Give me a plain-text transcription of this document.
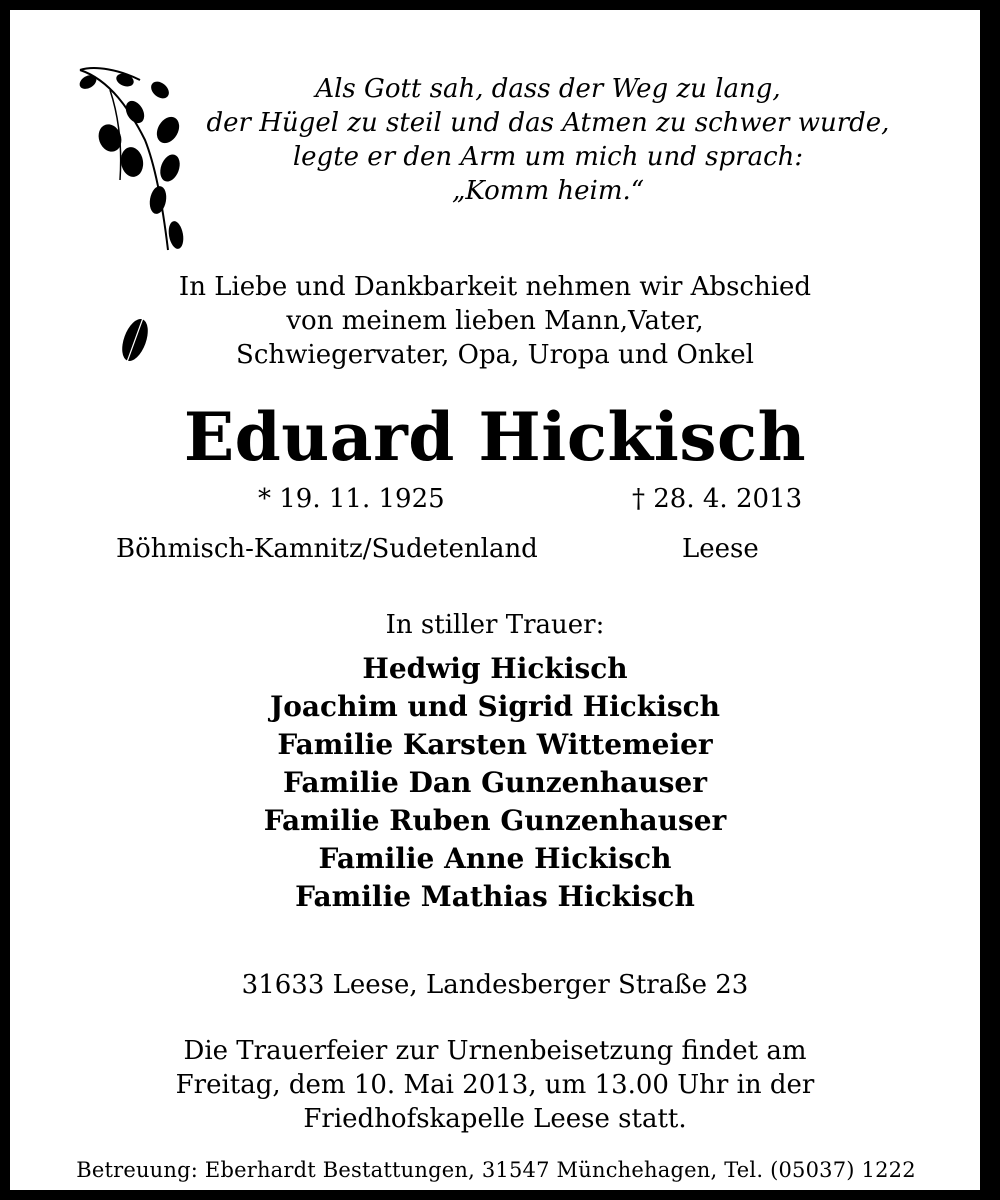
Als Gott sah, dass der Weg zu lang,
der Hügel zu steil und das Atmen zu schwer wurde,
legte er den Arm um mich und sprach:
„Komm heim.“
In Liebe und Dankbarkeit nehmen wir Abschied
von meinem lieben Mann,Vater,
Schwiegervater, Opa, Uropa und Onkel
Eduard Hickisch
* 19. 11. 1925	† 28. 4. 2013
Böhmisch-Kamnitz/Sudetenland	Leese
In stiller Trauer:
Hedwig Hickisch
Joachim und Sigrid Hickisch
Familie Karsten Wittemeier
Familie Dan Gunzenhauser
Familie Ruben Gunzenhauser
Familie Anne Hickisch
Familie Mathias Hickisch
31633 Leese, Landesberger Straße 23
Die Trauerfeier zur Urnenbeisetzung findet am
Freitag, dem 10. Mai 2013, um 13.00 Uhr in der
Friedhofskapelle Leese statt.
Betreuung: Eberhardt Bestattungen, 31547 Münchehagen, Tel. (05037) 1222
